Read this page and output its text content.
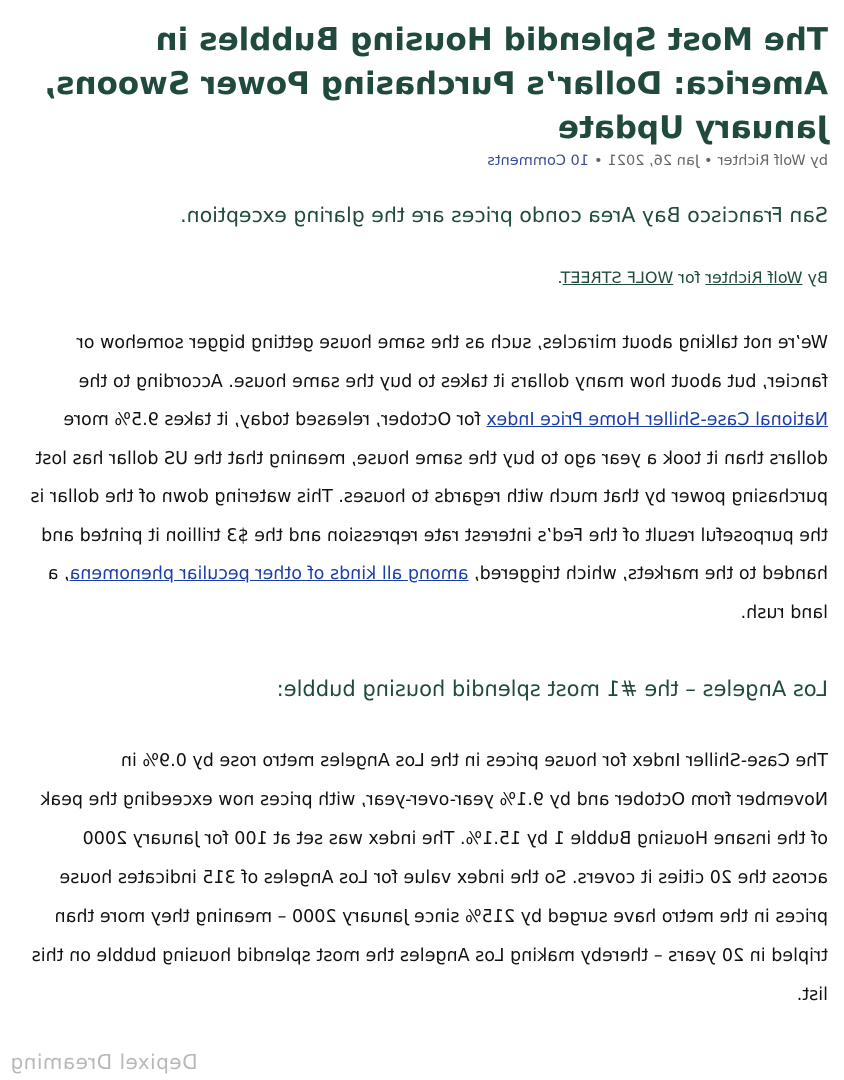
The Most Splendid Housing Bubbles in America: Dollar’s Purchasing Power Swoons, January Update
by Wolf Richter•Jan 26, 2021•10 Comments
San Francisco Bay Area condo prices are the glaring exception.
By Wolf Richter for WOLF STREET.

We’re not talking about miracles, such as the same house getting bigger somehow or fancier, but about how many dollars it takes to buy the same house. According to the National Case-Shiller Home Price Index for October, released today, it takes 9.5% more dollars than it took a year ago to buy the same house, meaning that the US dollar has lost purchasing power by that much with regards to houses. This watering down of the dollar is the purposeful result of the Fed’s interest rate repression and the $3 trillion it printed and handed to the markets, which triggered, among all kinds of other peculiar phenomena, a land rush.

Los Angeles – the #1 most splendid housing bubble:

The Case-Shiller Index for house prices in the Los Angeles metro rose by 0.9% in November from October and by 9.1% year-over-year, with prices now exceeding the peak of the insane Housing Bubble 1 by 15.1%. The index was set at 100 for January 2000 across the 20 cities it covers. So the index value for Los Angeles of 315 indicates house prices in the metro have surged by 215% since January 2000 – meaning they more than tripled in 20 years – thereby making Los Angeles the most splendid housing bubble on this list.

Depixel Dreaming
